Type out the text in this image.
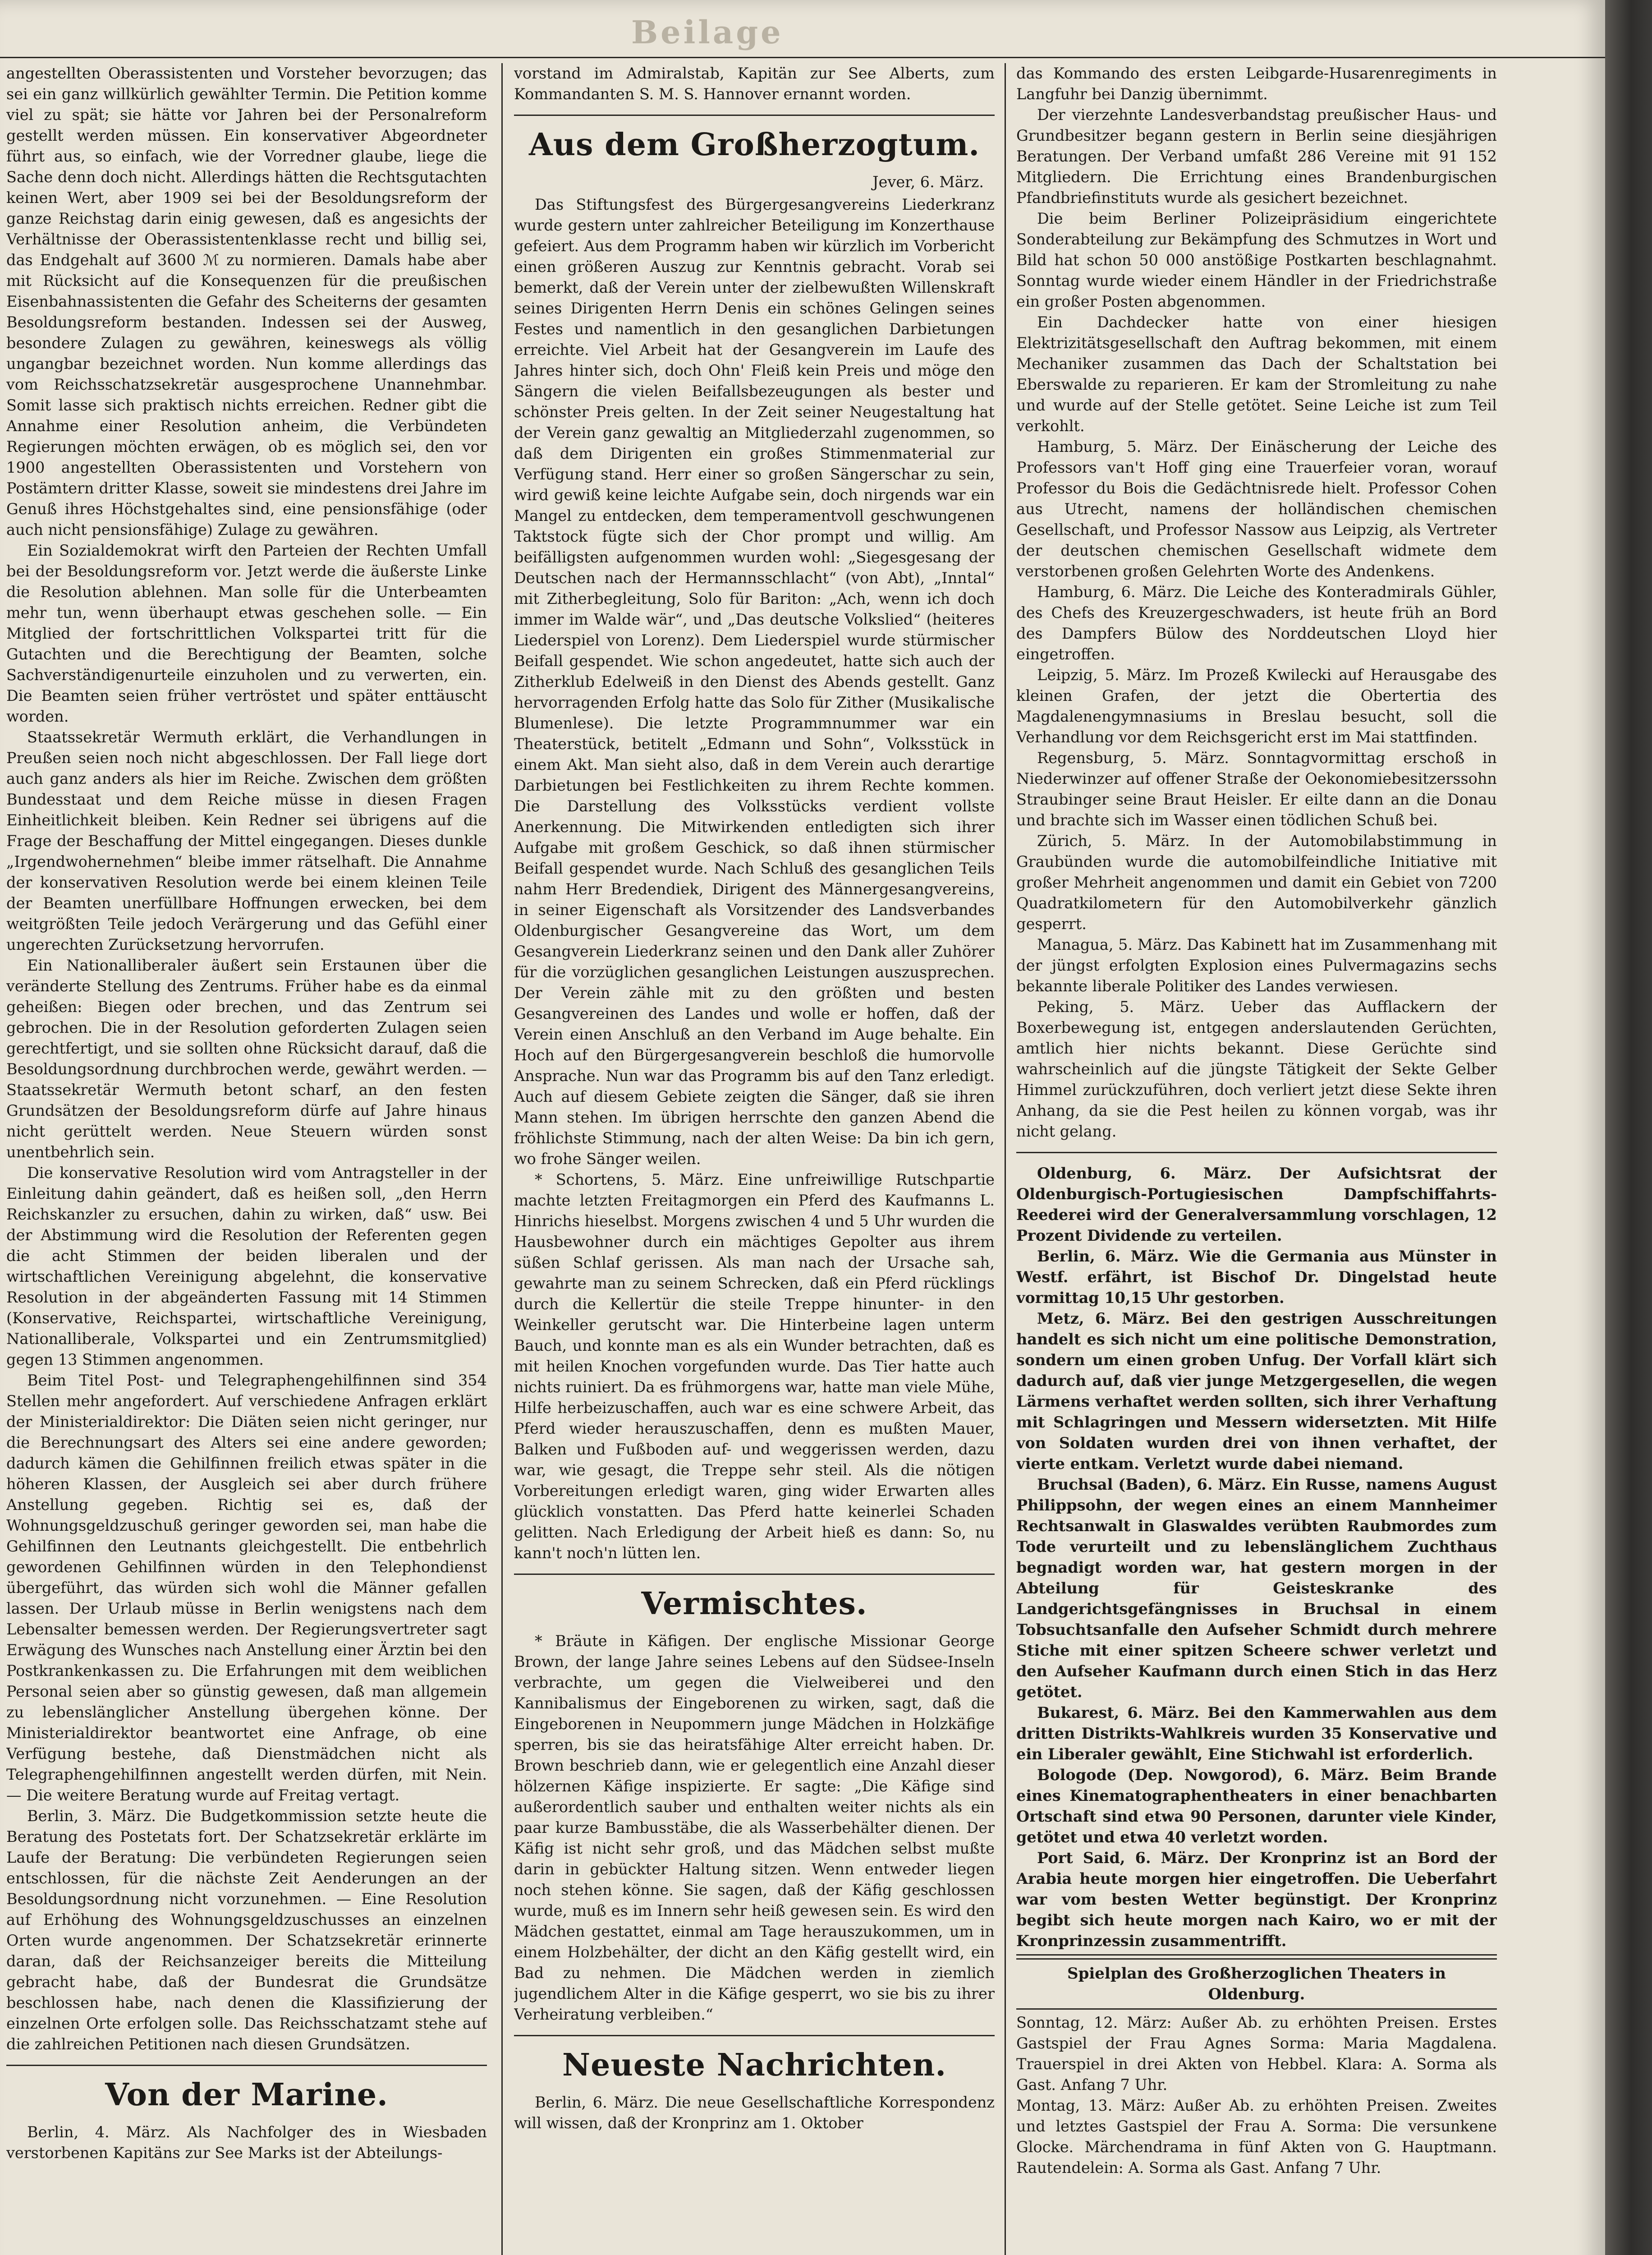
Beilage

angestellten Oberassistenten und Vorsteher bevorzugen; das sei ein ganz willkürlich gewählter Termin. Die Petition komme viel zu spät; sie hätte vor Jahren bei der Personalreform gestellt werden müssen. Ein konservativer Abgeordneter führt aus, so einfach, wie der Vorredner glaube, liege die Sache denn doch nicht. Allerdings hätten die Rechtsgutachten keinen Wert, aber 1909 sei bei der Besoldungsreform der ganze Reichstag darin einig gewesen, daß es angesichts der Verhältnisse der Oberassistentenklasse recht und billig sei, das Endgehalt auf 3600 ℳ zu normieren. Damals habe aber mit Rücksicht auf die Konsequenzen für die preußischen Eisenbahnassistenten die Gefahr des Scheiterns der gesamten Besoldungsreform bestanden. Indessen sei der Ausweg, besondere Zulagen zu gewähren, keineswegs als völlig ungangbar bezeichnet worden. Nun komme allerdings das vom Reichsschatzsekretär ausgesprochene Unannehmbar. Somit lasse sich praktisch nichts erreichen. Redner gibt die Annahme einer Resolution anheim, die Verbündeten Regierungen möchten erwägen, ob es möglich sei, den vor 1900 angestellten Oberassistenten und Vorstehern von Postämtern dritter Klasse, soweit sie mindestens drei Jahre im Genuß ihres Höchstgehaltes sind, eine pensionsfähige (oder auch nicht pensionsfähige) Zulage zu gewähren.

Ein Sozialdemokrat wirft den Parteien der Rechten Umfall bei der Besoldungsreform vor. Jetzt werde die äußerste Linke die Resolution ablehnen. Man solle für die Unterbeamten mehr tun, wenn überhaupt etwas geschehen solle. — Ein Mitglied der fortschrittlichen Volkspartei tritt für die Gutachten und die Berechtigung der Beamten, solche Sachverständigenurteile einzuholen und zu verwerten, ein. Die Beamten seien früher vertröstet und später enttäuscht worden.

Staatssekretär Wermuth erklärt, die Verhandlungen in Preußen seien noch nicht abgeschlossen. Der Fall liege dort auch ganz anders als hier im Reiche. Zwischen dem größten Bundesstaat und dem Reiche müsse in diesen Fragen Einheitlichkeit bleiben. Kein Redner sei übrigens auf die Frage der Beschaffung der Mittel eingegangen. Dieses dunkle „Irgendwohernehmen“ bleibe immer rätselhaft. Die Annahme der konservativen Resolution werde bei einem kleinen Teile der Beamten unerfüllbare Hoffnungen erwecken, bei dem weitgrößten Teile jedoch Verärgerung und das Gefühl einer ungerechten Zurücksetzung hervorrufen.

Ein Nationalliberaler äußert sein Erstaunen über die veränderte Stellung des Zentrums. Früher habe es da einmal geheißen: Biegen oder brechen, und das Zentrum sei gebrochen. Die in der Resolution geforderten Zulagen seien gerechtfertigt, und sie sollten ohne Rücksicht darauf, daß die Besoldungsordnung durchbrochen werde, gewährt werden. — Staatssekretär Wermuth betont scharf, an den festen Grundsätzen der Besoldungsreform dürfe auf Jahre hinaus nicht gerüttelt werden. Neue Steuern würden sonst unentbehrlich sein.

Die konservative Resolution wird vom Antragsteller in der Einleitung dahin geändert, daß es heißen soll, „den Herrn Reichskanzler zu ersuchen, dahin zu wirken, daß“ usw. Bei der Abstimmung wird die Resolution der Referenten gegen die acht Stimmen der beiden liberalen und der wirtschaftlichen Vereinigung abgelehnt, die konservative Resolution in der abgeänderten Fassung mit 14 Stimmen (Konservative, Reichspartei, wirtschaftliche Vereinigung, Nationalliberale, Volkspartei und ein Zentrumsmitglied) gegen 13 Stimmen angenommen.

Beim Titel Post- und Telegraphengehilfinnen sind 354 Stellen mehr angefordert. Auf verschiedene Anfragen erklärt der Ministerialdirektor: Die Diäten seien nicht geringer, nur die Berechnungsart des Alters sei eine andere geworden; dadurch kämen die Gehilfinnen freilich etwas später in die höheren Klassen, der Ausgleich sei aber durch frühere Anstellung gegeben. Richtig sei es, daß der Wohnungsgeldzuschuß geringer geworden sei, man habe die Gehilfinnen den Leutnants gleichgestellt. Die entbehrlich gewordenen Gehilfinnen würden in den Telephondienst übergeführt, das würden sich wohl die Männer gefallen lassen. Der Urlaub müsse in Berlin wenigstens nach dem Lebensalter bemessen werden. Der Regierungsvertreter sagt Erwägung des Wunsches nach Anstellung einer Ärztin bei den Postkrankenkassen zu. Die Erfahrungen mit dem weiblichen Personal seien aber so günstig gewesen, daß man allgemein zu lebenslänglicher Anstellung übergehen könne. Der Ministerialdirektor beantwortet eine Anfrage, ob eine Verfügung bestehe, daß Dienstmädchen nicht als Telegraphengehilfinnen angestellt werden dürfen, mit Nein. — Die weitere Beratung wurde auf Freitag vertagt.

Berlin, 3. März. Die Budgetkommission setzte heute die Beratung des Postetats fort. Der Schatzsekretär erklärte im Laufe der Beratung: Die verbündeten Regierungen seien entschlossen, für die nächste Zeit Aenderungen an der Besoldungsordnung nicht vorzunehmen. — Eine Resolution auf Erhöhung des Wohnungsgeldzuschusses an einzelnen Orten wurde angenommen. Der Schatzsekretär erinnerte daran, daß der Reichsanzeiger bereits die Mitteilung gebracht habe, daß der Bundesrat die Grundsätze beschlossen habe, nach denen die Klassifizierung der einzelnen Orte erfolgen solle. Das Reichsschatzamt stehe auf die zahlreichen Petitionen nach diesen Grundsätzen.

Von der Marine.

Berlin, 4. März. Als Nachfolger des in Wiesbaden verstorbenen Kapitäns zur See Marks ist der Abteilungs-

vorstand im Admiralstab, Kapitän zur See Alberts, zum Kommandanten S. M. S. Hannover ernannt worden.

Aus dem Großherzogtum.
Jever, 6. März.

Das Stiftungsfest des Bürgergesangvereins Liederkranz wurde gestern unter zahlreicher Beteiligung im Konzerthause gefeiert. Aus dem Programm haben wir kürzlich im Vorbericht einen größeren Auszug zur Kenntnis gebracht. Vorab sei bemerkt, daß der Verein unter der zielbewußten Willenskraft seines Dirigenten Herrn Denis ein schönes Gelingen seines Festes und namentlich in den gesanglichen Darbietungen erreichte. Viel Arbeit hat der Gesangverein im Laufe des Jahres hinter sich, doch Ohn' Fleiß kein Preis und möge den Sängern die vielen Beifallsbezeugungen als bester und schönster Preis gelten. In der Zeit seiner Neugestaltung hat der Verein ganz gewaltig an Mitgliederzahl zugenommen, so daß dem Dirigenten ein großes Stimmenmaterial zur Verfügung stand. Herr einer so großen Sängerschar zu sein, wird gewiß keine leichte Aufgabe sein, doch nirgends war ein Mangel zu entdecken, dem temperamentvoll geschwungenen Taktstock fügte sich der Chor prompt und willig. Am beifälligsten aufgenommen wurden wohl: „Siegesgesang der Deutschen nach der Hermannsschlacht“ (von Abt), „Inntal“ mit Zitherbegleitung, Solo für Bariton: „Ach, wenn ich doch immer im Walde wär“, und „Das deutsche Volkslied“ (heiteres Liederspiel von Lorenz). Dem Liederspiel wurde stürmischer Beifall gespendet. Wie schon angedeutet, hatte sich auch der Zitherklub Edelweiß in den Dienst des Abends gestellt. Ganz hervorragenden Erfolg hatte das Solo für Zither (Musikalische Blumenlese). Die letzte Programmnummer war ein Theaterstück, betitelt „Edmann und Sohn“, Volksstück in einem Akt. Man sieht also, daß in dem Verein auch derartige Darbietungen bei Festlichkeiten zu ihrem Rechte kommen. Die Darstellung des Volksstücks verdient vollste Anerkennung. Die Mitwirkenden entledigten sich ihrer Aufgabe mit großem Geschick, so daß ihnen stürmischer Beifall gespendet wurde. Nach Schluß des gesanglichen Teils nahm Herr Bredendiek, Dirigent des Männergesangvereins, in seiner Eigenschaft als Vorsitzender des Landsverbandes Oldenburgischer Gesangvereine das Wort, um dem Gesangverein Liederkranz seinen und den Dank aller Zuhörer für die vorzüglichen gesanglichen Leistungen auszusprechen. Der Verein zähle mit zu den größten und besten Gesangvereinen des Landes und wolle er hoffen, daß der Verein einen Anschluß an den Verband im Auge behalte. Ein Hoch auf den Bürgergesangverein beschloß die humorvolle Ansprache. Nun war das Programm bis auf den Tanz erledigt. Auch auf diesem Gebiete zeigten die Sänger, daß sie ihren Mann stehen. Im übrigen herrschte den ganzen Abend die fröhlichste Stimmung, nach der alten Weise: Da bin ich gern, wo frohe Sänger weilen.

* Schortens, 5. März. Eine unfreiwillige Rutschpartie machte letzten Freitagmorgen ein Pferd des Kaufmanns L. Hinrichs hieselbst. Morgens zwischen 4 und 5 Uhr wurden die Hausbewohner durch ein mächtiges Gepolter aus ihrem süßen Schlaf gerissen. Als man nach der Ursache sah, gewahrte man zu seinem Schrecken, daß ein Pferd rücklings durch die Kellertür die steile Treppe hinunter- in den Weinkeller gerutscht war. Die Hinterbeine lagen unterm Bauch, und konnte man es als ein Wunder betrachten, daß es mit heilen Knochen vorgefunden wurde. Das Tier hatte auch nichts ruiniert. Da es frühmorgens war, hatte man viele Mühe, Hilfe herbeizuschaffen, auch war es eine schwere Arbeit, das Pferd wieder herauszuschaffen, denn es mußten Mauer, Balken und Fußboden auf- und weggerissen werden, dazu war, wie gesagt, die Treppe sehr steil. Als die nötigen Vorbereitungen erledigt waren, ging wider Erwarten alles glücklich vonstatten. Das Pferd hatte keinerlei Schaden gelitten. Nach Erledigung der Arbeit hieß es dann: So, nu kann't noch'n lütten len.

Vermischtes.

* Bräute in Käfigen. Der englische Missionar George Brown, der lange Jahre seines Lebens auf den Südsee-Inseln verbrachte, um gegen die Vielweiberei und den Kannibalismus der Eingeborenen zu wirken, sagt, daß die Eingeborenen in Neupommern junge Mädchen in Holzkäfige sperren, bis sie das heiratsfähige Alter erreicht haben. Dr. Brown beschrieb dann, wie er gelegentlich eine Anzahl dieser hölzernen Käfige inspizierte. Er sagte: „Die Käfige sind außerordentlich sauber und enthalten weiter nichts als ein paar kurze Bambusstäbe, die als Wasserbehälter dienen. Der Käfig ist nicht sehr groß, und das Mädchen selbst mußte darin in gebückter Haltung sitzen. Wenn entweder liegen noch stehen könne. Sie sagen, daß der Käfig geschlossen wurde, muß es im Innern sehr heiß gewesen sein. Es wird den Mädchen gestattet, einmal am Tage herauszukommen, um in einem Holzbehälter, der dicht an den Käfig gestellt wird, ein Bad zu nehmen. Die Mädchen werden in ziemlich jugendlichem Alter in die Käfige gesperrt, wo sie bis zu ihrer Verheiratung verbleiben.“

Neueste Nachrichten.

Berlin, 6. März. Die neue Gesellschaftliche Korrespondenz will wissen, daß der Kronprinz am 1. Oktober

das Kommando des ersten Leibgarde-Husarenregiments in Langfuhr bei Danzig übernimmt.

Der vierzehnte Landesverbandstag preußischer Haus- und Grundbesitzer begann gestern in Berlin seine diesjährigen Beratungen. Der Verband umfaßt 286 Vereine mit 91 152 Mitgliedern. Die Errichtung eines Brandenburgischen Pfandbriefinstituts wurde als gesichert bezeichnet.

Die beim Berliner Polizeipräsidium eingerichtete Sonderabteilung zur Bekämpfung des Schmutzes in Wort und Bild hat schon 50 000 anstößige Postkarten beschlagnahmt. Sonntag wurde wieder einem Händler in der Friedrichstraße ein großer Posten abgenommen.

Ein Dachdecker hatte von einer hiesigen Elektrizitätsgesellschaft den Auftrag bekommen, mit einem Mechaniker zusammen das Dach der Schaltstation bei Eberswalde zu reparieren. Er kam der Stromleitung zu nahe und wurde auf der Stelle getötet. Seine Leiche ist zum Teil verkohlt.

Hamburg, 5. März. Der Einäscherung der Leiche des Professors van't Hoff ging eine Trauerfeier voran, worauf Professor du Bois die Gedächtnisrede hielt. Professor Cohen aus Utrecht, namens der holländischen chemischen Gesellschaft, und Professor Nassow aus Leipzig, als Vertreter der deutschen chemischen Gesellschaft widmete dem verstorbenen großen Gelehrten Worte des Andenkens.

Hamburg, 6. März. Die Leiche des Konteradmirals Gühler, des Chefs des Kreuzergeschwaders, ist heute früh an Bord des Dampfers Bülow des Norddeutschen Lloyd hier eingetroffen.

Leipzig, 5. März. Im Prozeß Kwilecki auf Herausgabe des kleinen Grafen, der jetzt die Obertertia des Magdalenengymnasiums in Breslau besucht, soll die Verhandlung vor dem Reichsgericht erst im Mai stattfinden.

Regensburg, 5. März. Sonntagvormittag erschoß in Niederwinzer auf offener Straße der Oekonomiebesitzerssohn Straubinger seine Braut Heisler. Er eilte dann an die Donau und brachte sich im Wasser einen tödlichen Schuß bei.

Zürich, 5. März. In der Automobilabstimmung in Graubünden wurde die automobilfeindliche Initiative mit großer Mehrheit angenommen und damit ein Gebiet von 7200 Quadratkilometern für den Automobilverkehr gänzlich gesperrt.

Managua, 5. März. Das Kabinett hat im Zusammenhang mit der jüngst erfolgten Explosion eines Pulvermagazins sechs bekannte liberale Politiker des Landes verwiesen.

Peking, 5. März. Ueber das Aufflackern der Boxerbewegung ist, entgegen anderslautenden Gerüchten, amtlich hier nichts bekannt. Diese Gerüchte sind wahrscheinlich auf die jüngste Tätigkeit der Sekte Gelber Himmel zurückzuführen, doch verliert jetzt diese Sekte ihren Anhang, da sie die Pest heilen zu können vorgab, was ihr nicht gelang.

Oldenburg, 6. März. Der Aufsichtsrat der Oldenburgisch-Portugiesischen Dampfschiffahrts-Reederei wird der Generalversammlung vorschlagen, 12 Prozent Dividende zu verteilen.

Berlin, 6. März. Wie die Germania aus Münster in Westf. erfährt, ist Bischof Dr. Dingelstad heute vormittag 10,15 Uhr gestorben.

Metz, 6. März. Bei den gestrigen Ausschreitungen handelt es sich nicht um eine politische Demonstration, sondern um einen groben Unfug. Der Vorfall klärt sich dadurch auf, daß vier junge Metzgergesellen, die wegen Lärmens verhaftet werden sollten, sich ihrer Verhaftung mit Schlagringen und Messern widersetzten. Mit Hilfe von Soldaten wurden drei von ihnen verhaftet, der vierte entkam. Verletzt wurde dabei niemand.

Bruchsal (Baden), 6. März. Ein Russe, namens August Philippsohn, der wegen eines an einem Mannheimer Rechtsanwalt in Glaswaldes verübten Raubmordes zum Tode verurteilt und zu lebenslänglichem Zuchthaus begnadigt worden war, hat gestern morgen in der Abteilung für Geisteskranke des Landgerichtsgefängnisses in Bruchsal in einem Tobsuchtsanfalle den Aufseher Schmidt durch mehrere Stiche mit einer spitzen Scheere schwer verletzt und den Aufseher Kaufmann durch einen Stich in das Herz getötet.

Bukarest, 6. März. Bei den Kammerwahlen aus dem dritten Distrikts-Wahlkreis wurden 35 Konservative und ein Liberaler gewählt, Eine Stichwahl ist erforderlich.

Bologode (Dep. Nowgorod), 6. März. Beim Brande eines Kinematographentheaters in einer benachbarten Ortschaft sind etwa 90 Personen, darunter viele Kinder, getötet und etwa 40 verletzt worden.

Port Said, 6. März. Der Kronprinz ist an Bord der Arabia heute morgen hier eingetroffen. Die Ueberfahrt war vom besten Wetter begünstigt. Der Kronprinz begibt sich heute morgen nach Kairo, wo er mit der Kronprinzessin zusammentrifft.

Spielplan des Großherzoglichen Theaters in Oldenburg.

Sonntag, 12. März: Außer Ab. zu erhöhten Preisen. Erstes Gastspiel der Frau Agnes Sorma: Maria Magdalena. Trauerspiel in drei Akten von Hebbel. Klara: A. Sorma als Gast. Anfang 7 Uhr.

Montag, 13. März: Außer Ab. zu erhöhten Preisen. Zweites und letztes Gastspiel der Frau A. Sorma: Die versunkene Glocke. Märchendrama in fünf Akten von G. Hauptmann. Rautendelein: A. Sorma als Gast. Anfang 7 Uhr.
